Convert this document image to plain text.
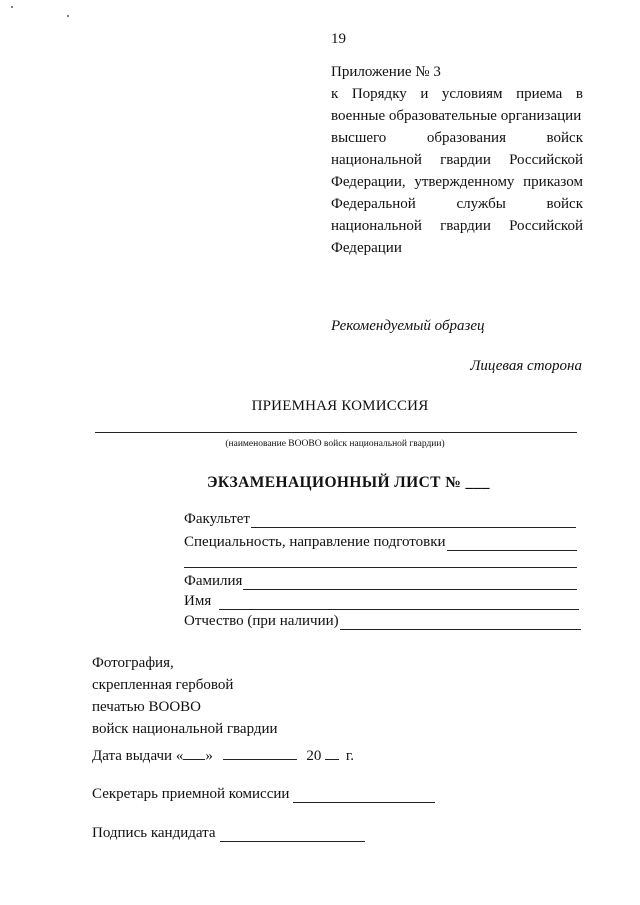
19
Приложение № 3
к Порядку и условиям приема в
военные образовательные организации
высшего	образования	войск
национальной гвардии Российской
Федерации, утвержденному приказом
Федеральной	службы	войск
национальной гвардии Российской
Федерации
Рекомендуемый образец
Лицевая сторона
ПРИЕМНАЯ КОМИССИЯ
(наименование ВООВО войск национальной гвардии)
ЭКЗАМЕНАЦИОННЫЙ ЛИСТ № ___
Факультет
Специальность, направление подготовки
Фамилия
Имя
Отчество (при наличии)
Фотография,
скрепленная гербовой
печатью ВООВО
войск национальной гвардии
Дата выдачи « »	20 г.
Секретарь приемной комиссии
Подпись кандидата
